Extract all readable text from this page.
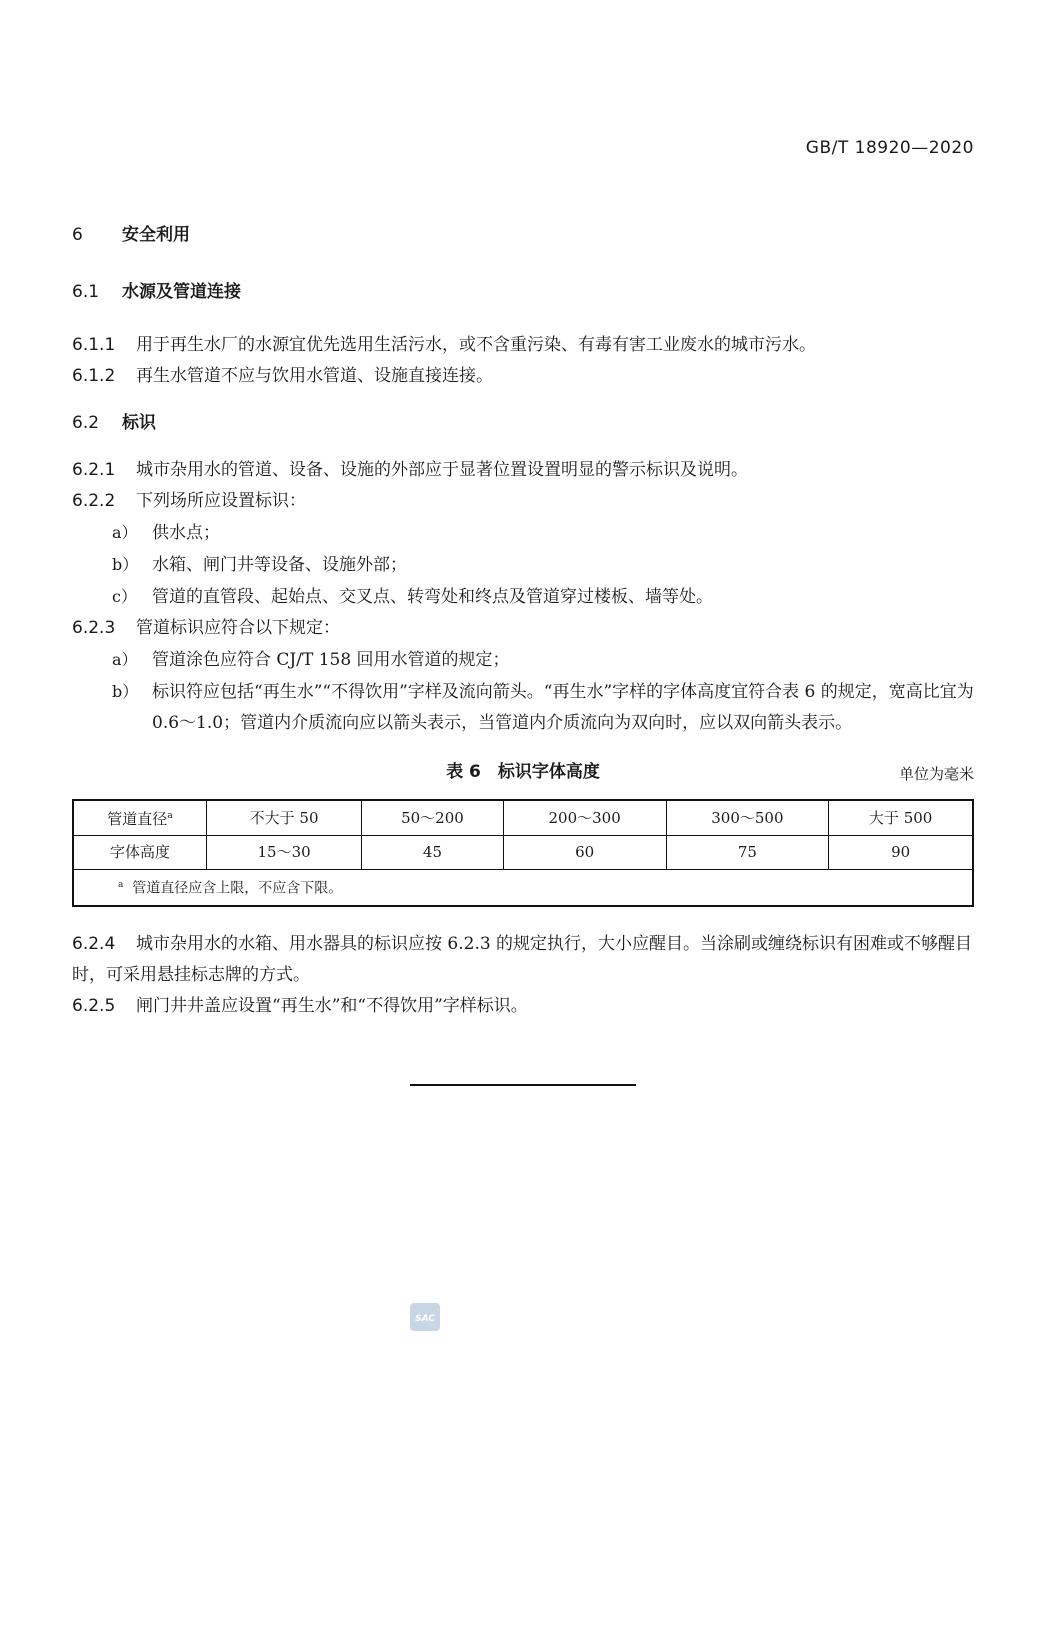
GB/T 18920—2020

6 安全利用

6.1 水源及管道连接

6.1.1 用于再生水厂的水源宜优先选用生活污水，或不含重污染、有毒有害工业废水的城市污水。

6.1.2 再生水管道不应与饮用水管道、设施直接连接。

6.2 标识

6.2.1 城市杂用水的管道、设备、设施的外部应于显著位置设置明显的警示标识及说明。

6.2.2 下列场所应设置标识：

a） 供水点；

b） 水箱、闸门井等设备、设施外部；

c） 管道的直管段、起始点、交叉点、转弯处和终点及管道穿过楼板、墙等处。

6.2.3 管道标识应符合以下规定：

a） 管道涂色应符合 CJ/T 158 回用水管道的规定；

b） 标识符应包括“再生水”“不得饮用”字样及流向箭头。“再生水”字样的字体高度宜符合表 6 的规定，宽高比宜为 0.6～1.0；管道内介质流向应以箭头表示，当管道内介质流向为双向时，应以双向箭头表示。

表 6　标识字体高度	单位为毫米
管道直径$^a$	不大于 50	50～200	200～300	300～500	大于 500
字体高度	15～30	45	60	75	90
$^a$ 管道直径应含上限，不应含下限。					

6.2.4 城市杂用水的水箱、用水器具的标识应按 6.2.3 的规定执行，大小应醒目。当涂刷或缠绕标识有困难或不够醒目时，可采用悬挂标志牌的方式。

6.2.5 闸门井井盖应设置“再生水”和“不得饮用”字样标识。

SAC
